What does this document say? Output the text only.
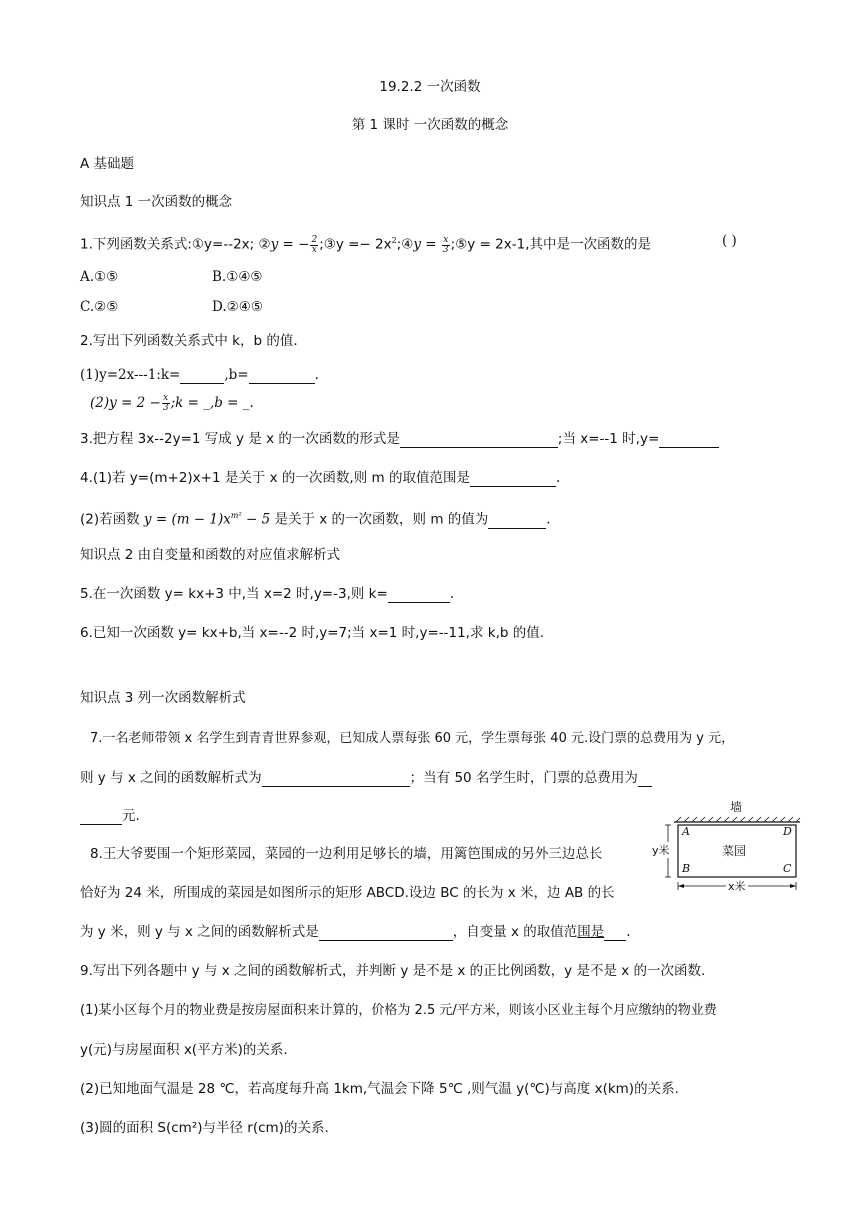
19.2.2 一次函数
第 1 课时 一次函数的概念
A 基础题
知识点 1 一次函数的概念
1.下列函数关系式:①y=--2x; ②y = − $\frac{2}{x}$ ;③y =− $2x^2;④y = \frac{x}{3}$ ;⑤y = 2x-1,其中是一次函数的是	( )
A.①⑤	B.①④⑤
C.②⑤	D.②④⑤
2.写出下列函数关系式中 k，b 的值.
(1)y=2x---1:k=	,b=	.
$(2)y = 2 - \frac{x}{3}$ ;k = _,b = _.
3.把方程 3x--2y=1 写成 y 是 x 的一次函数的形式是	;当 x=--1 时,y=
4.(1)若 y=(m+2)x+1 是关于 x 的一次函数,则 m 的取值范围是	.
(2)若函数 $y = (m - 1)x^{m^2} - 5$ 是关于 x 的一次函数，则 m 的值为	.
知识点 2 由自变量和函数的对应值求解析式
5.在一次函数 y= kx+3 中,当 x=2 时,y=-3,则 k=	.
6.已知一次函数 y= kx+b,当 x=--2 时,y=7;当 x=1 时,y=--11,求 k,b 的值.
知识点 3 列一次函数解析式
7.一名老师带领 x 名学生到青青世界参观，已知成人票每张 60 元，学生票每张 40 元.设门票的总费用为 y 元，
则 y 与 x 之间的函数解析式为	；当有 50 名学生时，门票的总费用为
元.
8.王大爷要围一个矩形菜园，菜园的一边利用足够长的墙，用篱笆围成的另外三边总长
恰好为 24 米，所围成的菜园是如图所示的矩形 ABCD.设边 BC 的长为 x 米，边 AB 的长
为 y 米，则 y 与 x 之间的函数解析式是	，自变量 x 的取值范围是 .
墙
A	D
B	C
菜园
y米
x米
9.写出下列各题中 y 与 x 之间的函数解析式，并判断 y 是不是 x 的正比例函数，y 是不是 x 的一次函数.
(1)某小区每个月的物业费是按房屋面积来计算的，价格为 2.5 元/平方米，则该小区业主每个月应缴纳的物业费
y(元)与房屋面积 x(平方米)的关系.
(2)已知地面气温是 28 ℃，若高度每升高 1km,气温会下降 5℃ ,则气温 y(℃)与高度 x(km)的关系.
(3)圆的面积 S(cm²)与半径 r(cm)的关系.
